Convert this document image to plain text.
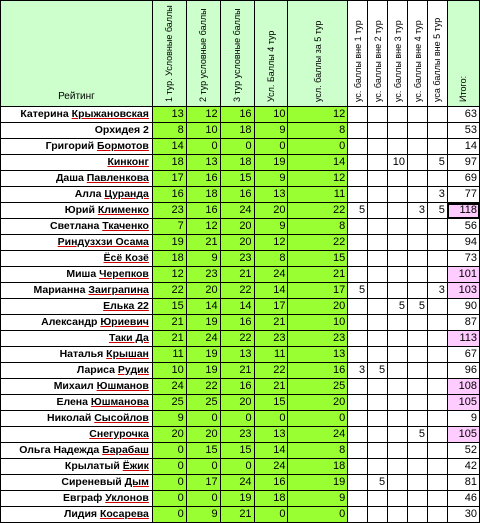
Рейтинг	1 тур. Условные баллы	2 тур условные баллы	3 тур условные баллы	Усл. Баллы 4 тур	усл. баллы за 5 тур	ус. баллы вне 1 тур	ус. баллы вне 2 тур	ус. баллы вне 3 тур	ус. баллы вне 4 тур	уса баллы вне 5 тур	Итого:

Катерина Крыжановская	13	12	16	10	12						63
Орхидея 2	8	10	18	9	8						53
Григорий Бормотов	14	0	0	0	0						14
Кинконг	18	13	18	19	14			10		5	97
Даша Павленкова	17	16	15	9	12						69
Алла Цуранда	16	18	16	13	11					3	77
Юрий Клименко	23	16	24	20	22	5			3	5	118
Светлана Ткаченко	7	12	20	9	8						56
Риндузхзи Осама	19	21	20	12	22						94
Ёсё Козё	18	9	23	8	15						73
Миша Черепков	12	23	21	24	21						101
Марианна Заиграпина	22	20	22	14	17	5				3	103
Елька 22	15	14	14	17	20			5	5		90
Александр Юриевич	21	19	16	21	10						87
Таки Да	21	24	22	23	23						113
Наталья Крышан	11	19	13	11	13						67
Лариса Рудик	10	19	21	22	16	3	5				96
Михаил Юшманов	24	22	16	21	25						108
Елена Юшманова	25	25	20	15	20						105
Николай Сысойлов	9	0	0	0	0						9
Снегурочка	20	20	23	13	24				5		105
Ольга Надежда Барабаш	0	15	15	14	8						52
Крылатый Ёжик	0	0	0	24	18						42
Сиреневый Дым	0	17	24	16	19		5				81
Евграф Уклонов	0	0	19	18	9						46
Лидия Косарева	0	9	21	0	0						30
